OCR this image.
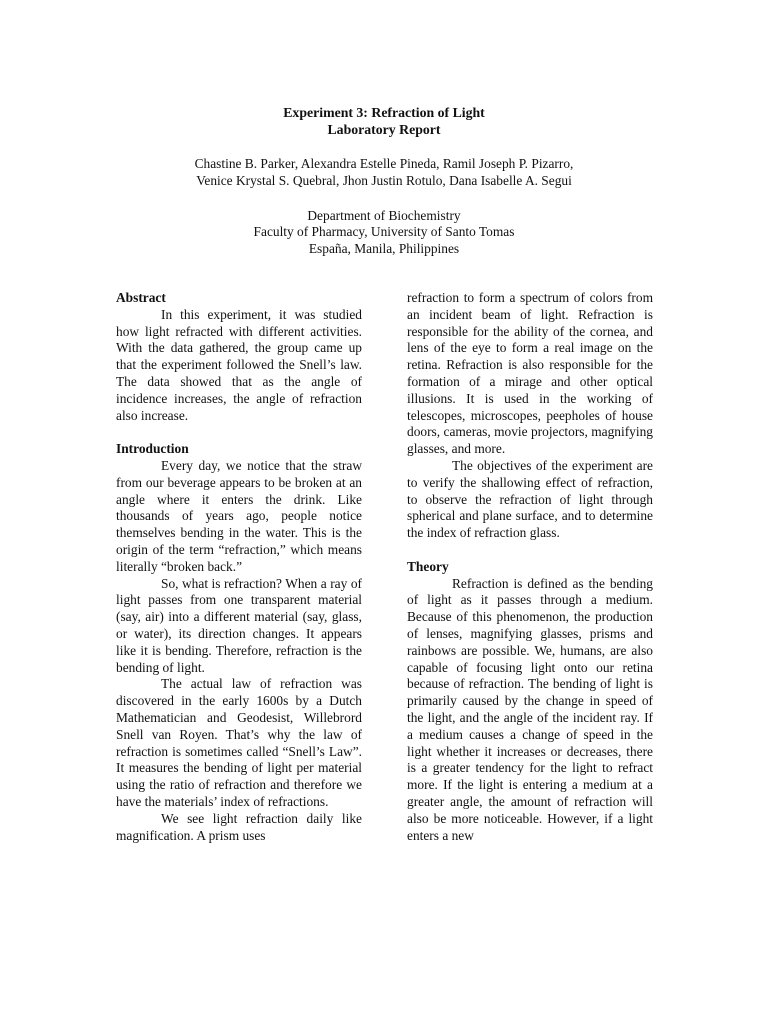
Experiment 3: Refraction of Light
Laboratory Report

Chastine B. Parker, Alexandra Estelle Pineda, Ramil Joseph P. Pizarro,
Venice Krystal S. Quebral, Jhon Justin Rotulo, Dana Isabelle A. Segui
Department of Biochemistry
Faculty of Pharmacy, University of Santo Tomas
España, Manila, Philippines

Abstract

In this experiment, it was studied how light refracted with different activities. With the data gathered, the group came up that the experiment followed the Snell’s law. The data showed that as the angle of incidence increases, the angle of refraction also increase.

Introduction

Every day, we notice that the straw from our beverage appears to be broken at an angle where it enters the drink. Like thousands of years ago, people notice themselves bending in the water. This is the origin of the term “refraction,” which means literally “broken back.”

So, what is refraction? When a ray of light passes from one transparent material (say, air) into a different material (say, glass, or water), its direction changes. It appears like it is bending. Therefore, refraction is the bending of light.

The actual law of refraction was discovered in the early 1600s by a Dutch Mathematician and Geodesist, Willebrord Snell van Royen. That’s why the law of refraction is sometimes called “Snell’s Law”. It measures the bending of light per material using the ratio of refraction and therefore we have the materials’ index of refractions.

We see light refraction daily like magnification. A prism uses

refraction to form a spectrum of colors from an incident beam of light. Refraction is responsible for the ability of the cornea, and lens of the eye to form a real image on the retina. Refraction is also responsible for the formation of a mirage and other optical illusions. It is used in the working of telescopes, microscopes, peepholes of house doors, cameras, movie projectors, magnifying glasses, and more.

The objectives of the experiment are to verify the shallowing effect of refraction, to observe the refraction of light through spherical and plane surface, and to determine the index of refraction glass.

Theory

Refraction is defined as the bending of light as it passes through a medium. Because of this phenomenon, the production of lenses, magnifying glasses, prisms and rainbows are possible. We, humans, are also capable of focusing light onto our retina because of refraction. The bending of light is primarily caused by the change in speed of the light, and the angle of the incident ray. If a medium causes a change of speed in the light whether it increases or decreases, there is a greater tendency for the light to refract more. If the light is entering a medium at a greater angle, the amount of refraction will also be more noticeable. However, if a light enters a new
